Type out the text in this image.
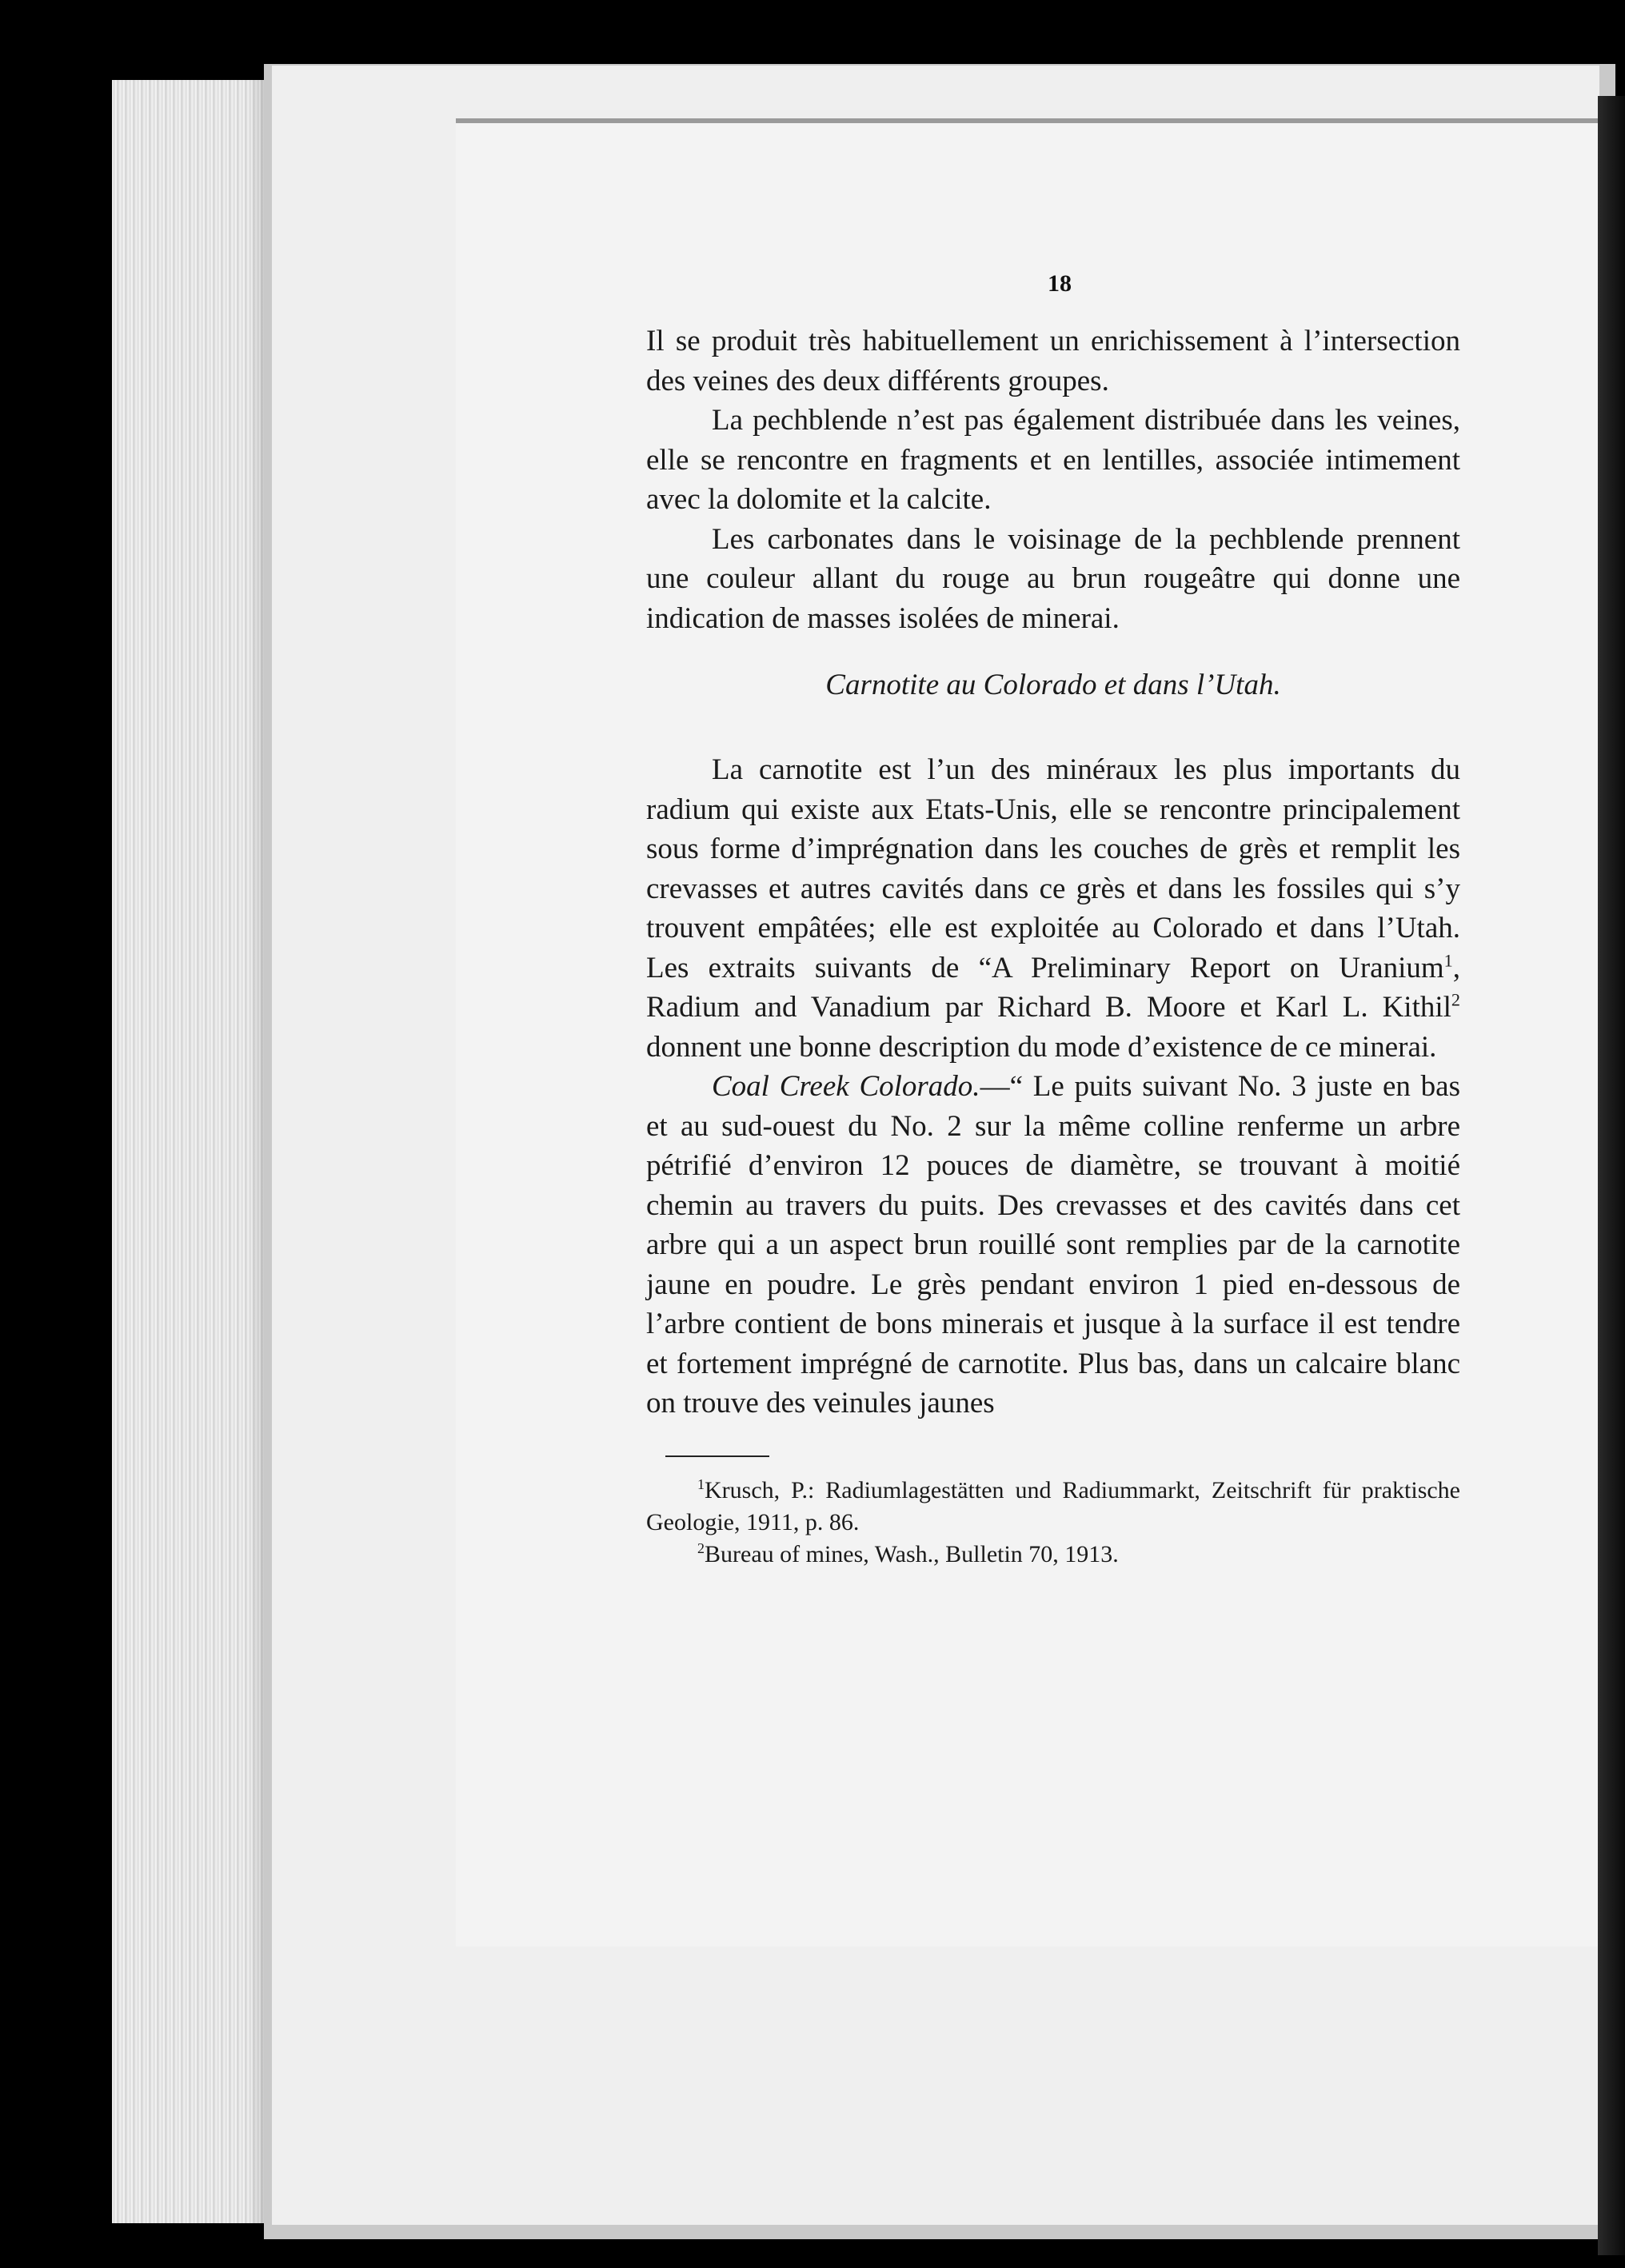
18

Il se produit très habituellement un enrichissement à l’intersection des veines des deux différents groupes.

La pechblende n’est pas également distribuée dans les veines, elle se rencontre en fragments et en lentilles, associée intimement avec la dolomite et la calcite.

Les carbonates dans le voisinage de la pechblende prennent une couleur allant du rouge au brun rougeâtre qui donne une indication de masses isolées de minerai.

Carnotite au Colorado et dans l’Utah.

La carnotite est l’un des minéraux les plus importants du radium qui existe aux Etats-Unis, elle se rencontre principalement sous forme d’imprégnation dans les couches de grès et remplit les crevasses et autres cavités dans ce grès et dans les fossiles qui s’y trouvent empâtées; elle est exploitée au Colorado et dans l’Utah. Les extraits suivants de “A Preliminary Report on Uranium$^1$, Radium and Vanadium par Richard B. Moore et Karl L. Kithil$^2$ donnent une bonne description du mode d’existence de ce minerai.

Coal Creek Colorado.—“ Le puits suivant No. 3 juste en bas et au sud-ouest du No. 2 sur la même colline renferme un arbre pétrifié d’environ 12 pouces de diamètre, se trouvant à moitié chemin au travers du puits. Des crevasses et des cavités dans cet arbre qui a un aspect brun rouillé sont remplies par de la carnotite jaune en poudre. Le grès pendant environ 1 pied en-dessous de l’arbre contient de bons minerais et jusque à la surface il est tendre et fortement imprégné de carnotite. Plus bas, dans un calcaire blanc on trouve des veinules jaunes

$^1$Krusch, P.: Radiumlagestätten und Radiummarkt, Zeitschrift für praktische Geologie, 1911, p. 86.

$^2$Bureau of mines, Wash., Bulletin 70, 1913.
